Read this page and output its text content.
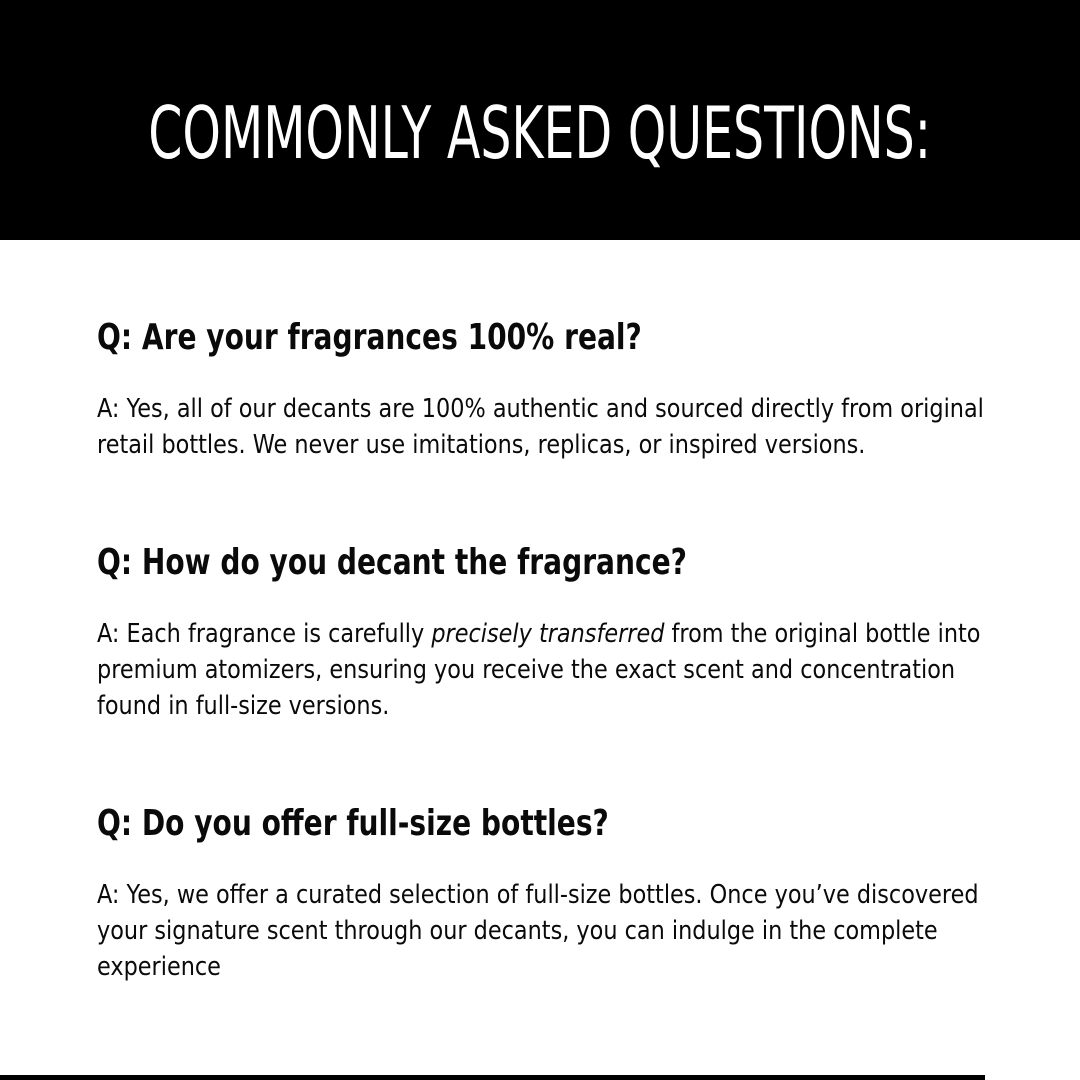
COMMONLY ASKED QUESTIONS:
Q: Are your fragrances 100% real?

A: Yes, all of our decants are 100% authentic and sourced directly from original retail bottles. We never use imitations, replicas, or inspired versions.

Q: How do you decant the fragrance?

A: Each fragrance is carefully precisely transferred from the original bottle into premium atomizers, ensuring you receive the exact scent and concentration found in full-size versions.

Q: Do you offer full-size bottles?

A: Yes, we offer a curated selection of full-size bottles. Once youʼve discovered your signature scent through our decants, you can indulge in the complete experience
